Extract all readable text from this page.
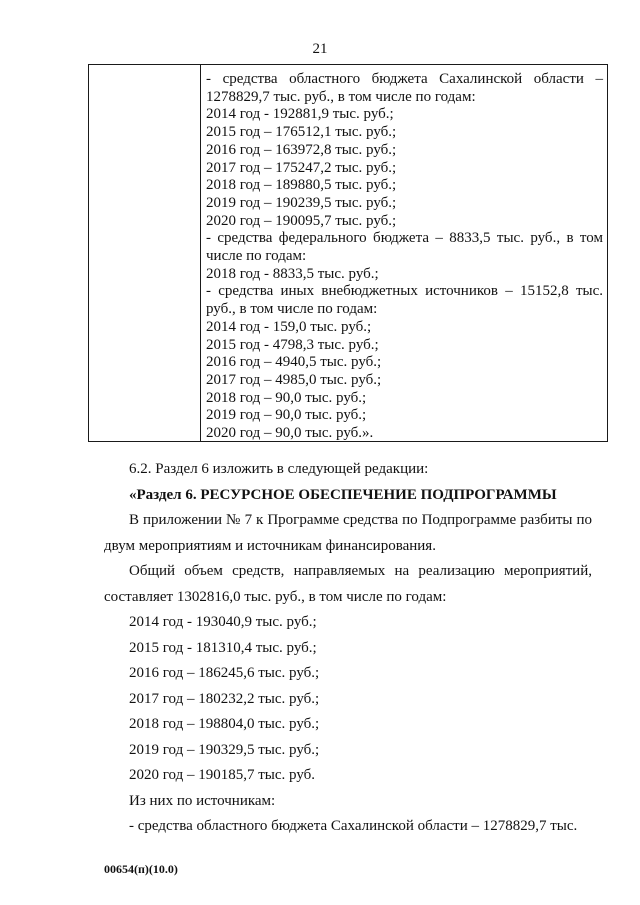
21
- средства областного бюджета Сахалинской области –
1278829,7 тыс. руб., в том числе по годам:
2014 год - 192881,9 тыс. руб.;
2015 год – 176512,1 тыс. руб.;
2016 год – 163972,8 тыс. руб.;
2017 год – 175247,2 тыс. руб.;
2018 год – 189880,5 тыс. руб.;
2019 год – 190239,5 тыс. руб.;
2020 год – 190095,7 тыс. руб.;
- средства федерального бюджета – 8833,5 тыс. руб., в том
числе по годам:
2018 год - 8833,5 тыс. руб.;
- средства иных внебюджетных источников – 15152,8 тыс.
руб., в том числе по годам:
2014 год - 159,0 тыс. руб.;
2015 год - 4798,3 тыс. руб.;
2016 год – 4940,5 тыс. руб.;
2017 год – 4985,0 тыс. руб.;
2018 год – 90,0 тыс. руб.;
2019 год – 90,0 тыс. руб.;
2020 год – 90,0 тыс. руб.».
6.2. Раздел 6 изложить в следующей редакции:
«Раздел 6. РЕСУРСНОЕ ОБЕСПЕЧЕНИЕ ПОДПРОГРАММЫ
В приложении № 7 к Программе средства по Подпрограмме разбиты по двум мероприятиям и источникам финансирования.
Общий объем средств, направляемых на реализацию мероприятий, составляет 1302816,0 тыс. руб., в том числе по годам:
2014 год - 193040,9 тыс. руб.;
2015 год - 181310,4 тыс. руб.;
2016 год – 186245,6 тыс. руб.;
2017 год – 180232,2 тыс. руб.;
2018 год – 198804,0 тыс. руб.;
2019 год – 190329,5 тыс. руб.;
2020 год – 190185,7 тыс. руб.
Из них по источникам:
- средства областного бюджета Сахалинской области – 1278829,7 тыс.
00654(п)(10.0)
